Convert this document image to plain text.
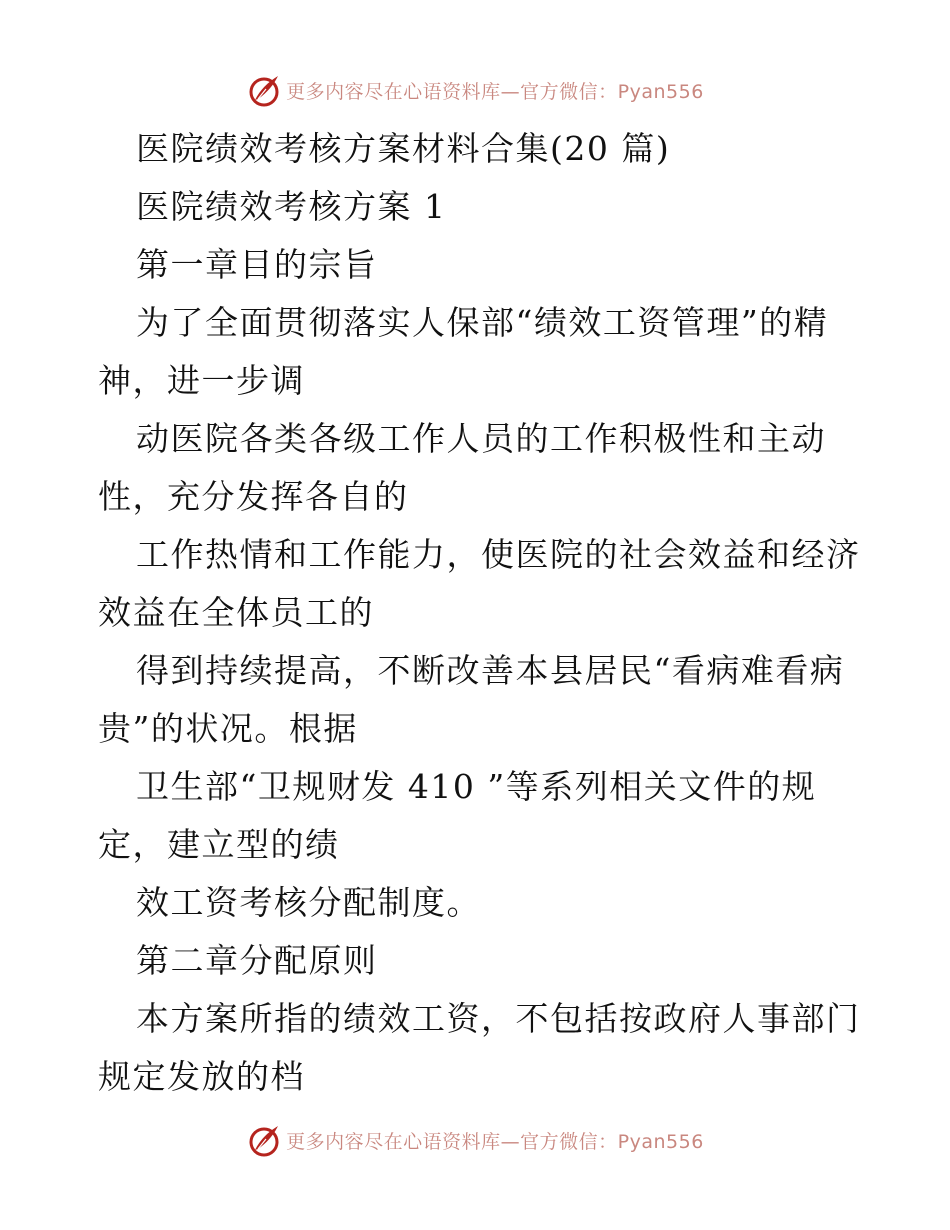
更多内容尽在心语资料库—官方微信：Pyan556
医院绩效考核方案材料合集(20 篇)
医院绩效考核方案 1
第一章目的宗旨
为了全面贯彻落实人保部“绩效工资管理”的精
神，进一步调
动医院各类各级工作人员的工作积极性和主动
性，充分发挥各自的
工作热情和工作能力，使医院的社会效益和经济
效益在全体员工的
得到持续提高，不断改善本县居民“看病难看病
贵”的状况。根据
卫生部“卫规财发 410 ”等系列相关文件的规
定，建立型的绩
效工资考核分配制度。
第二章分配原则
本方案所指的绩效工资，不包括按政府人事部门
规定发放的档
更多内容尽在心语资料库—官方微信：Pyan556
